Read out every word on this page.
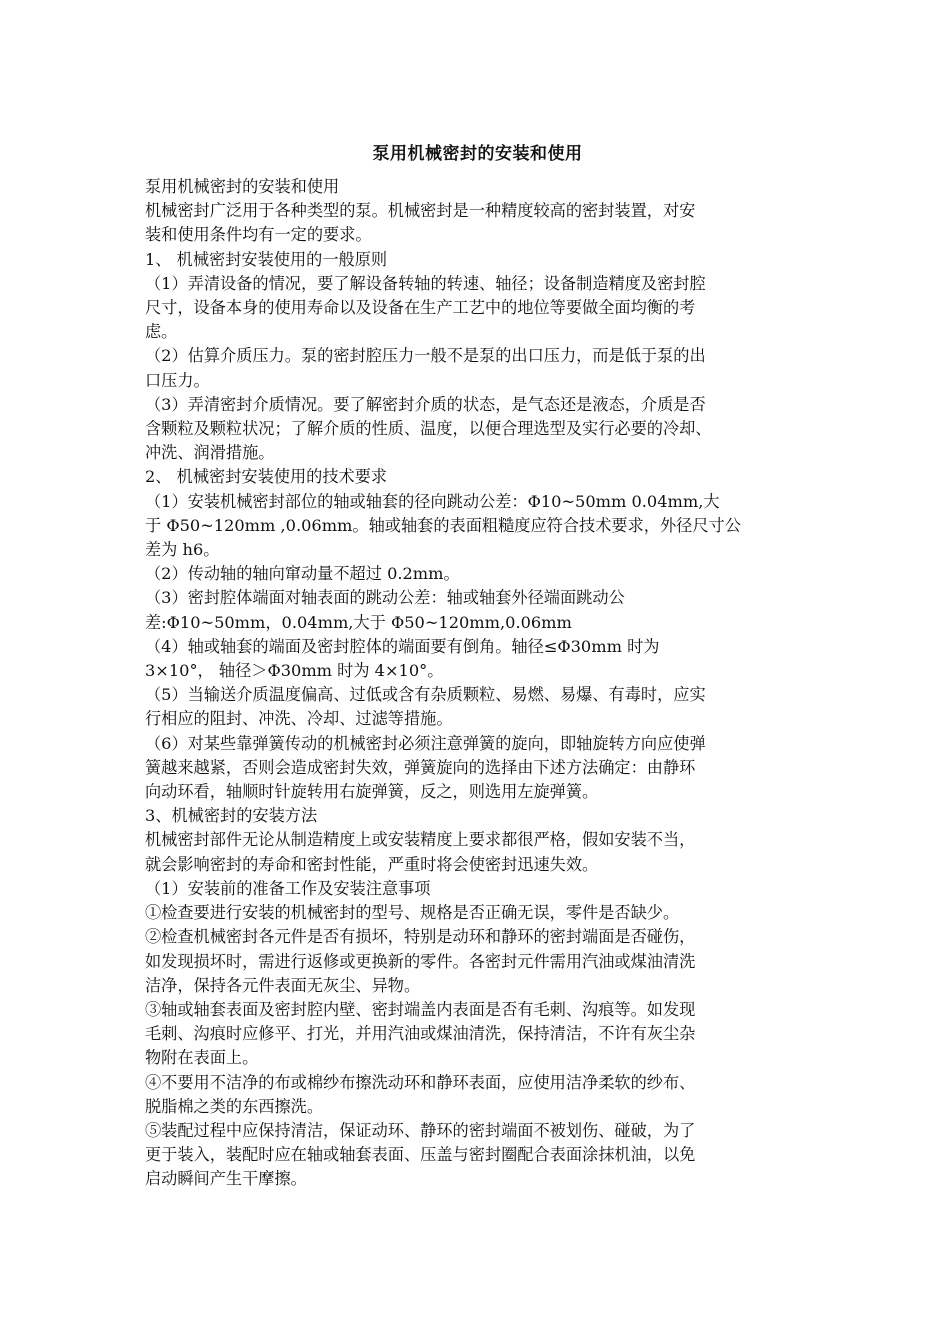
泵用机械密封的安装和使用
泵用机械密封的安装和使用
机械密封广泛用于各种类型的泵。机械密封是一种精度较高的密封装置，对安
装和使用条件均有一定的要求。
1、 机械密封安装使用的一般原则
（1）弄清设备的情况，要了解设备转轴的转速、轴径；设备制造精度及密封腔
尺寸，设备本身的使用寿命以及设备在生产工艺中的地位等要做全面均衡的考
虑。
（2）估算介质压力。泵的密封腔压力一般不是泵的出口压力，而是低于泵的出
口压力。
（3）弄清密封介质情况。要了解密封介质的状态，是气态还是液态，介质是否
含颗粒及颗粒状况；了解介质的性质、温度，以便合理选型及实行必要的冷却、
冲洗、润滑措施。
2、 机械密封安装使用的技术要求
（1）安装机械密封部位的轴或轴套的径向跳动公差：Φ10~50mm 0.04mm,大
于 Φ50~120mm ,0.06mm。轴或轴套的表面粗糙度应符合技术要求，外径尺寸公
差为 h6。
（2）传动轴的轴向窜动量不超过 0.2mm。
（3）密封腔体端面对轴表面的跳动公差：轴或轴套外径端面跳动公
差:Φ10~50mm，0.04mm,大于 Φ50~120mm,0.06mm
（4）轴或轴套的端面及密封腔体的端面要有倒角。轴径≤Φ30mm 时为
3×10°， 轴径＞Φ30mm 时为 4×10°。
（5）当输送介质温度偏高、过低或含有杂质颗粒、易燃、易爆、有毒时，应实
行相应的阻封、冲洗、冷却、过滤等措施。
（6）对某些靠弹簧传动的机械密封必须注意弹簧的旋向，即轴旋转方向应使弹
簧越来越紧，否则会造成密封失效，弹簧旋向的选择由下述方法确定：由静环
向动环看，轴顺时针旋转用右旋弹簧，反之，则选用左旋弹簧。
3、机械密封的安装方法
机械密封部件无论从制造精度上或安装精度上要求都很严格，假如安装不当，
就会影响密封的寿命和密封性能，严重时将会使密封迅速失效。
（1）安装前的准备工作及安装注意事项
①检查要进行安装的机械密封的型号、规格是否正确无误，零件是否缺少。
②检查机械密封各元件是否有损坏，特别是动环和静环的密封端面是否碰伤，
如发现损坏时，需进行返修或更换新的零件。各密封元件需用汽油或煤油清洗
洁净，保持各元件表面无灰尘、异物。
③轴或轴套表面及密封腔内壁、密封端盖内表面是否有毛刺、沟痕等。如发现
毛刺、沟痕时应修平、打光，并用汽油或煤油清洗，保持清洁，不许有灰尘杂
物附在表面上。
④不要用不洁净的布或棉纱布擦洗动环和静环表面，应使用洁净柔软的纱布、
脱脂棉之类的东西擦洗。
⑤装配过程中应保持清洁，保证动环、静环的密封端面不被划伤、碰破，为了
更于装入，装配时应在轴或轴套表面、压盖与密封圈配合表面涂抹机油，以免
启动瞬间产生干摩擦。
